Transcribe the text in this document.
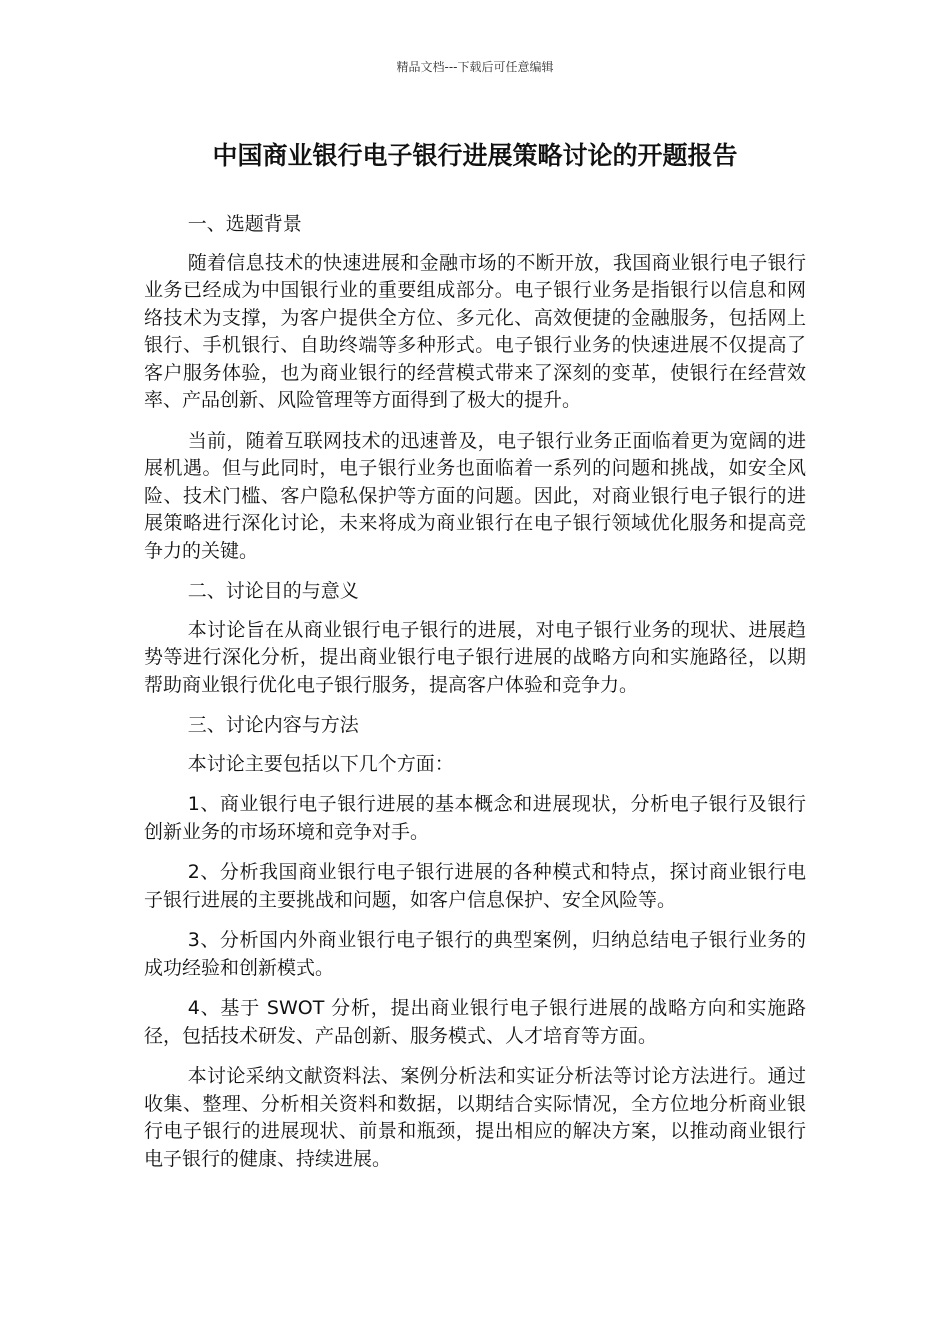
精品文档---下载后可任意编辑
中国商业银行电子银行进展策略讨论的开题报告

一、选题背景

随着信息技术的快速进展和金融市场的不断开放，我国商业银行电子银行业务已经成为中国银行业的重要组成部分。电子银行业务是指银行以信息和网络技术为支撑，为客户提供全方位、多元化、高效便捷的金融服务，包括网上银行、手机银行、自助终端等多种形式。电子银行业务的快速进展不仅提高了客户服务体验，也为商业银行的经营模式带来了深刻的变革，使银行在经营效率、产品创新、风险管理等方面得到了极大的提升。

当前，随着互联网技术的迅速普及，电子银行业务正面临着更为宽阔的进展机遇。但与此同时，电子银行业务也面临着一系列的问题和挑战，如安全风险、技术门槛、客户隐私保护等方面的问题。因此，对商业银行电子银行的进展策略进行深化讨论，未来将成为商业银行在电子银行领域优化服务和提高竞争力的关键。

二、讨论目的与意义

本讨论旨在从商业银行电子银行的进展，对电子银行业务的现状、进展趋势等进行深化分析，提出商业银行电子银行进展的战略方向和实施路径，以期帮助商业银行优化电子银行服务，提高客户体验和竞争力。

三、讨论内容与方法

本讨论主要包括以下几个方面：

1、商业银行电子银行进展的基本概念和进展现状，分析电子银行及银行创新业务的市场环境和竞争对手。

2、分析我国商业银行电子银行进展的各种模式和特点，探讨商业银行电子银行进展的主要挑战和问题，如客户信息保护、安全风险等。

3、分析国内外商业银行电子银行的典型案例，归纳总结电子银行业务的成功经验和创新模式。

4、基于 SWOT 分析，提出商业银行电子银行进展的战略方向和实施路径，包括技术研发、产品创新、服务模式、人才培育等方面。

本讨论采纳文献资料法、案例分析法和实证分析法等讨论方法进行。通过收集、整理、分析相关资料和数据，以期结合实际情况，全方位地分析商业银行电子银行的进展现状、前景和瓶颈，提出相应的解决方案，以推动商业银行电子银行的健康、持续进展。
